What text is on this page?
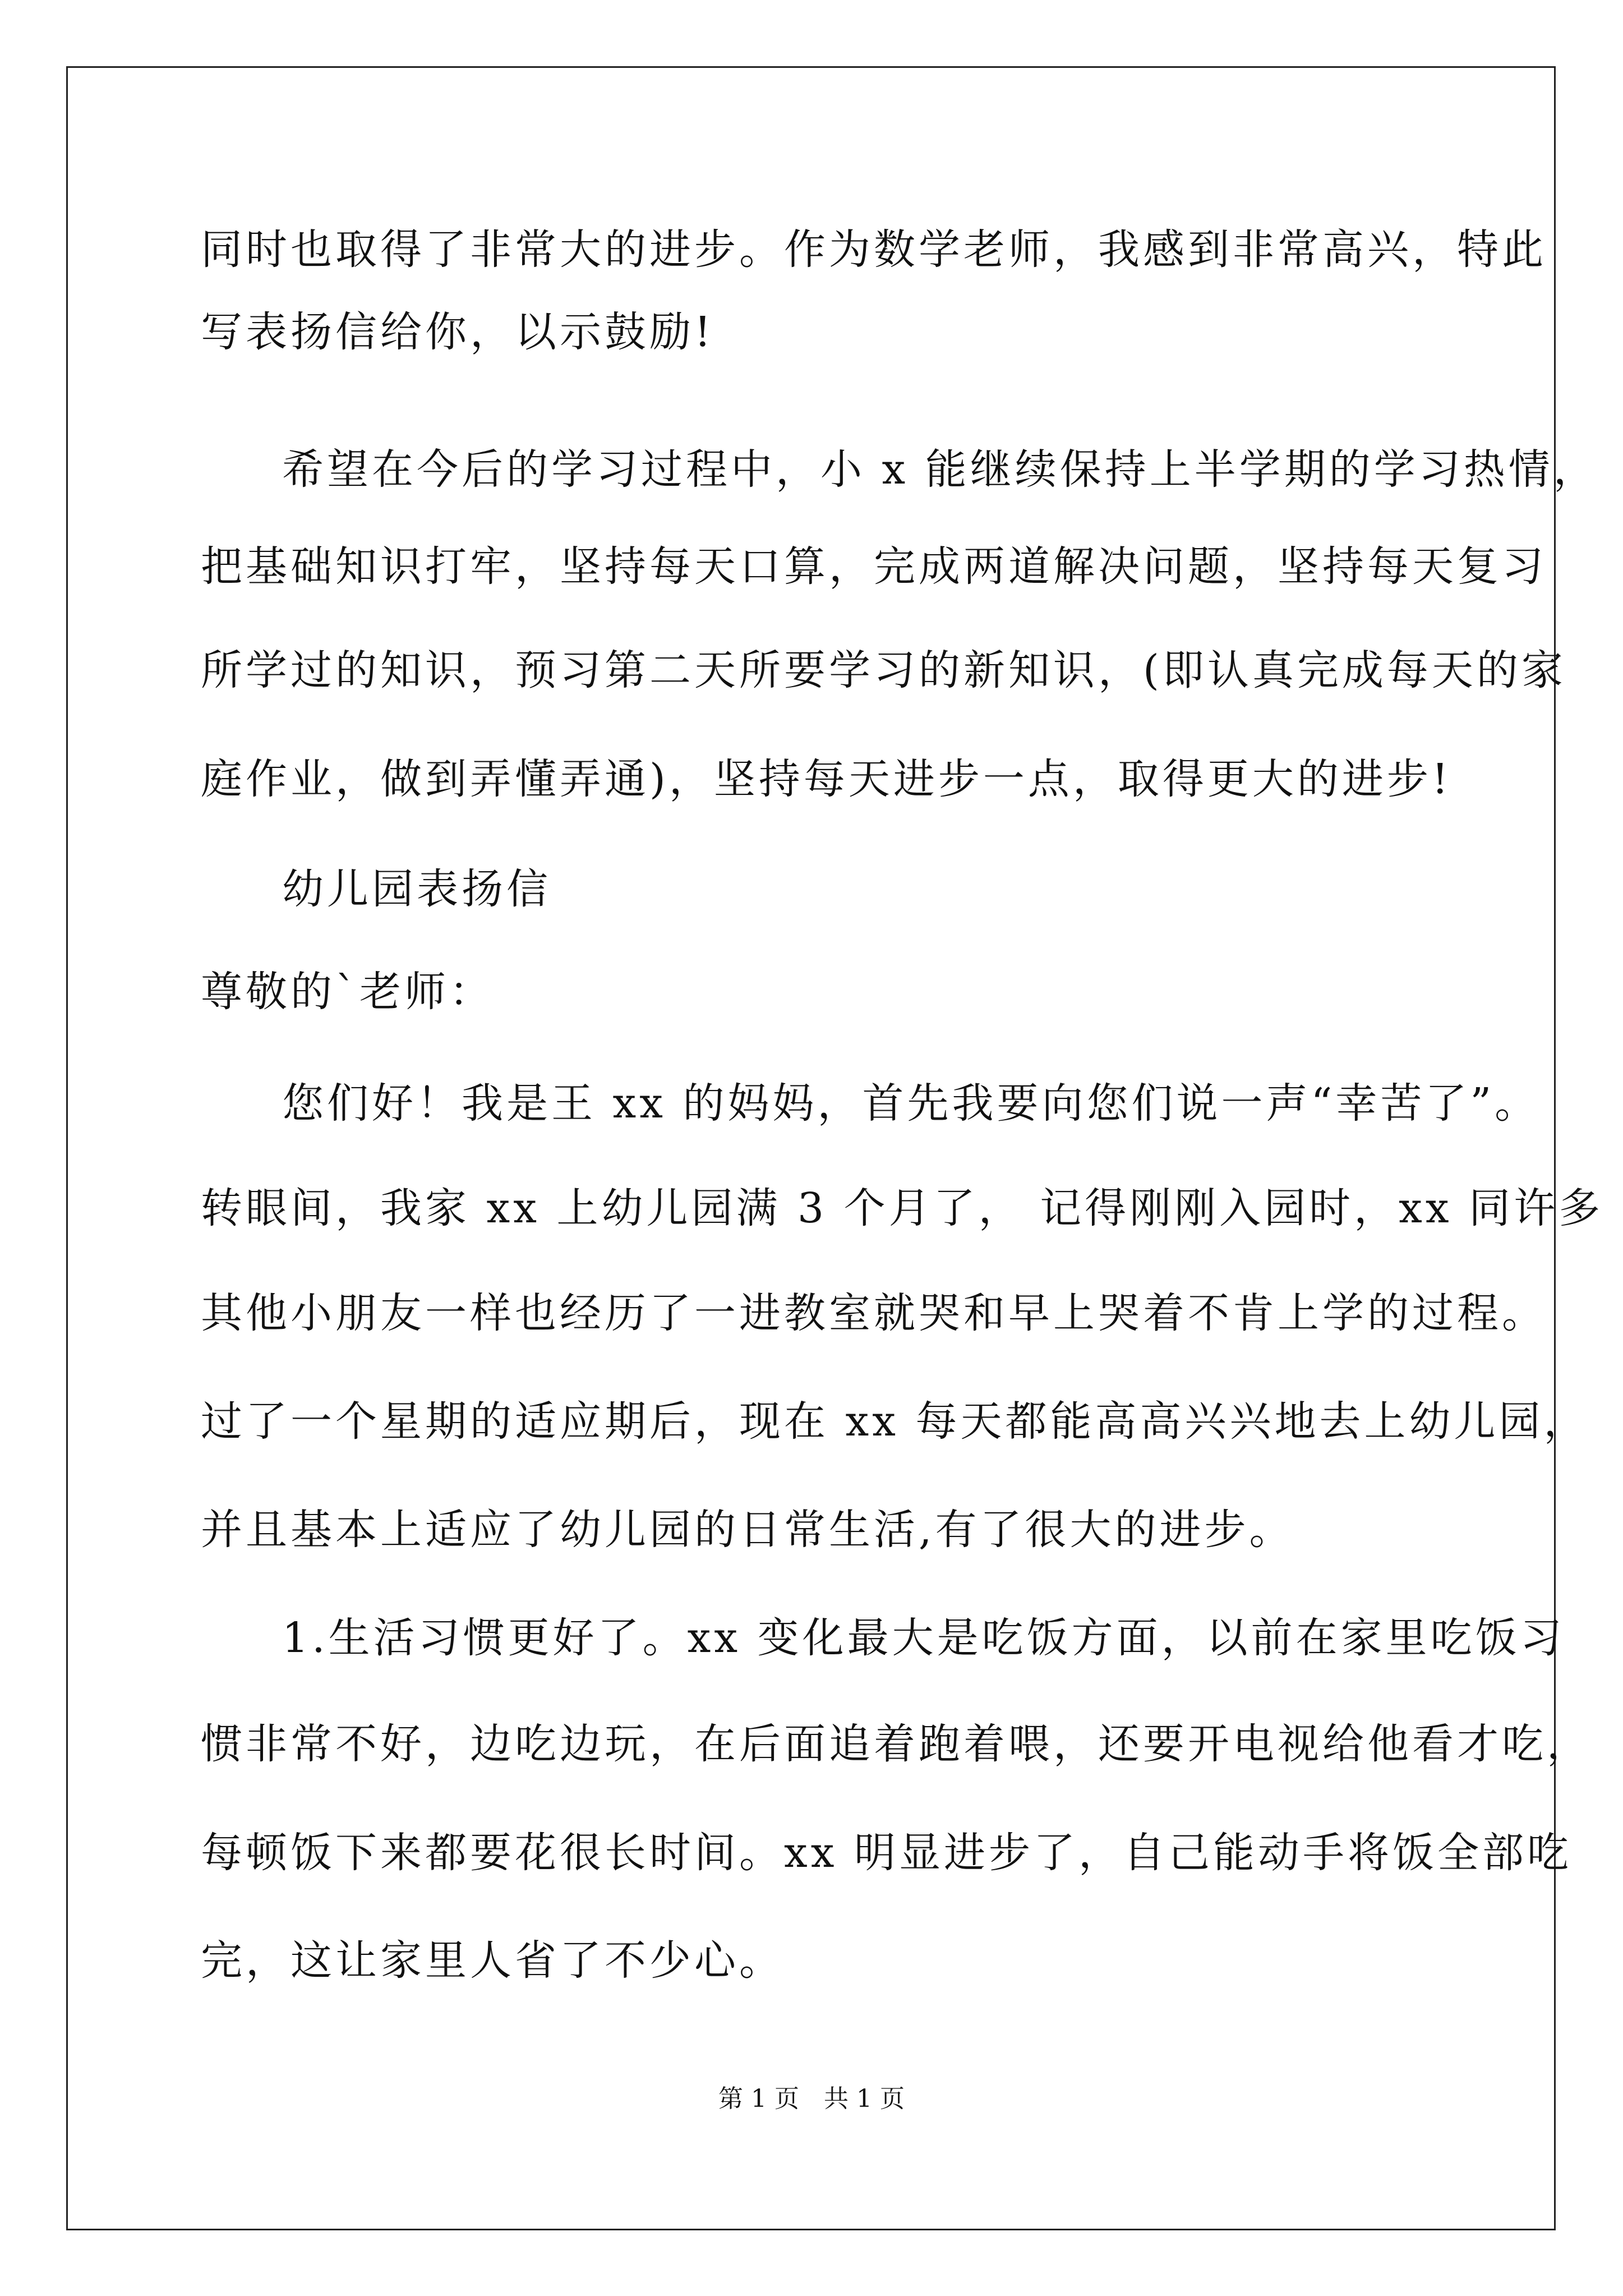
同时也取得了非常大的进步。作为数学老师，我感到非常高兴，特此

写表扬信给你，以示鼓励!

希望在今后的学习过程中，小 x 能继续保持上半学期的学习热情，

把基础知识打牢，坚持每天口算，完成两道解决问题，坚持每天复习

所学过的知识，预习第二天所要学习的新知识，(即认真完成每天的家

庭作业，做到弄懂弄通)，坚持每天进步一点，取得更大的进步!

幼儿园表扬信

尊敬的`老师：

您们好！我是王 xx 的妈妈，首先我要向您们说一声“幸苦了”。

转眼间，我家 xx 上幼儿园满 3 个月了， 记得刚刚入园时，xx 同许多

其他小朋友一样也经历了一进教室就哭和早上哭着不肯上学的过程。

过了一个星期的适应期后，现在 xx 每天都能高高兴兴地去上幼儿园，

并且基本上适应了幼儿园的日常生活,有了很大的进步。

1.生活习惯更好了。xx 变化最大是吃饭方面，以前在家里吃饭习

惯非常不好，边吃边玩，在后面追着跑着喂，还要开电视给他看才吃，

每顿饭下来都要花很长时间。xx 明显进步了，自己能动手将饭全部吃

完，这让家里人省了不少心。

第 1 页　共 1 页
